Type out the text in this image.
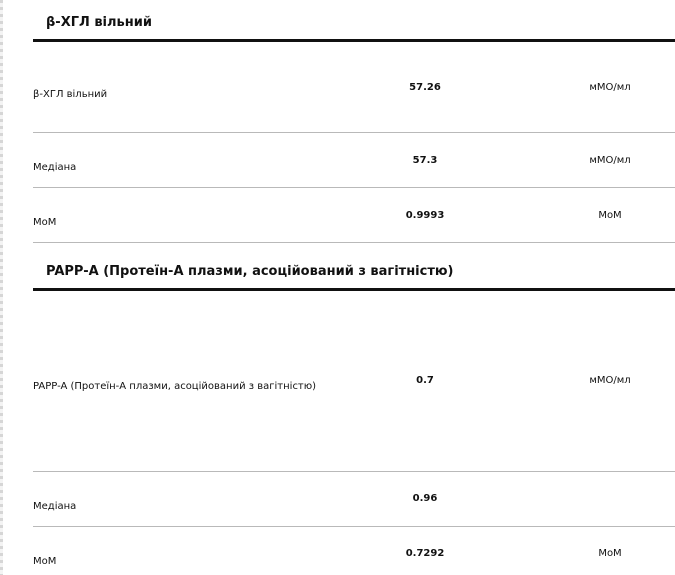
β-ХГЛ вільний
β-ХГЛ вільний
57.26	мМО/мл
Медіана
57.3	мМО/мл
MoM
0.9993	MoM
PAPP-A (Протеїн-А плазми, асоційований з вагітністю)
PAPP-A (Протеїн-А плазми, асоційований з вагітністю)
0.7	мМО/мл
Медіана
0.96
MoM
0.7292	MoM
